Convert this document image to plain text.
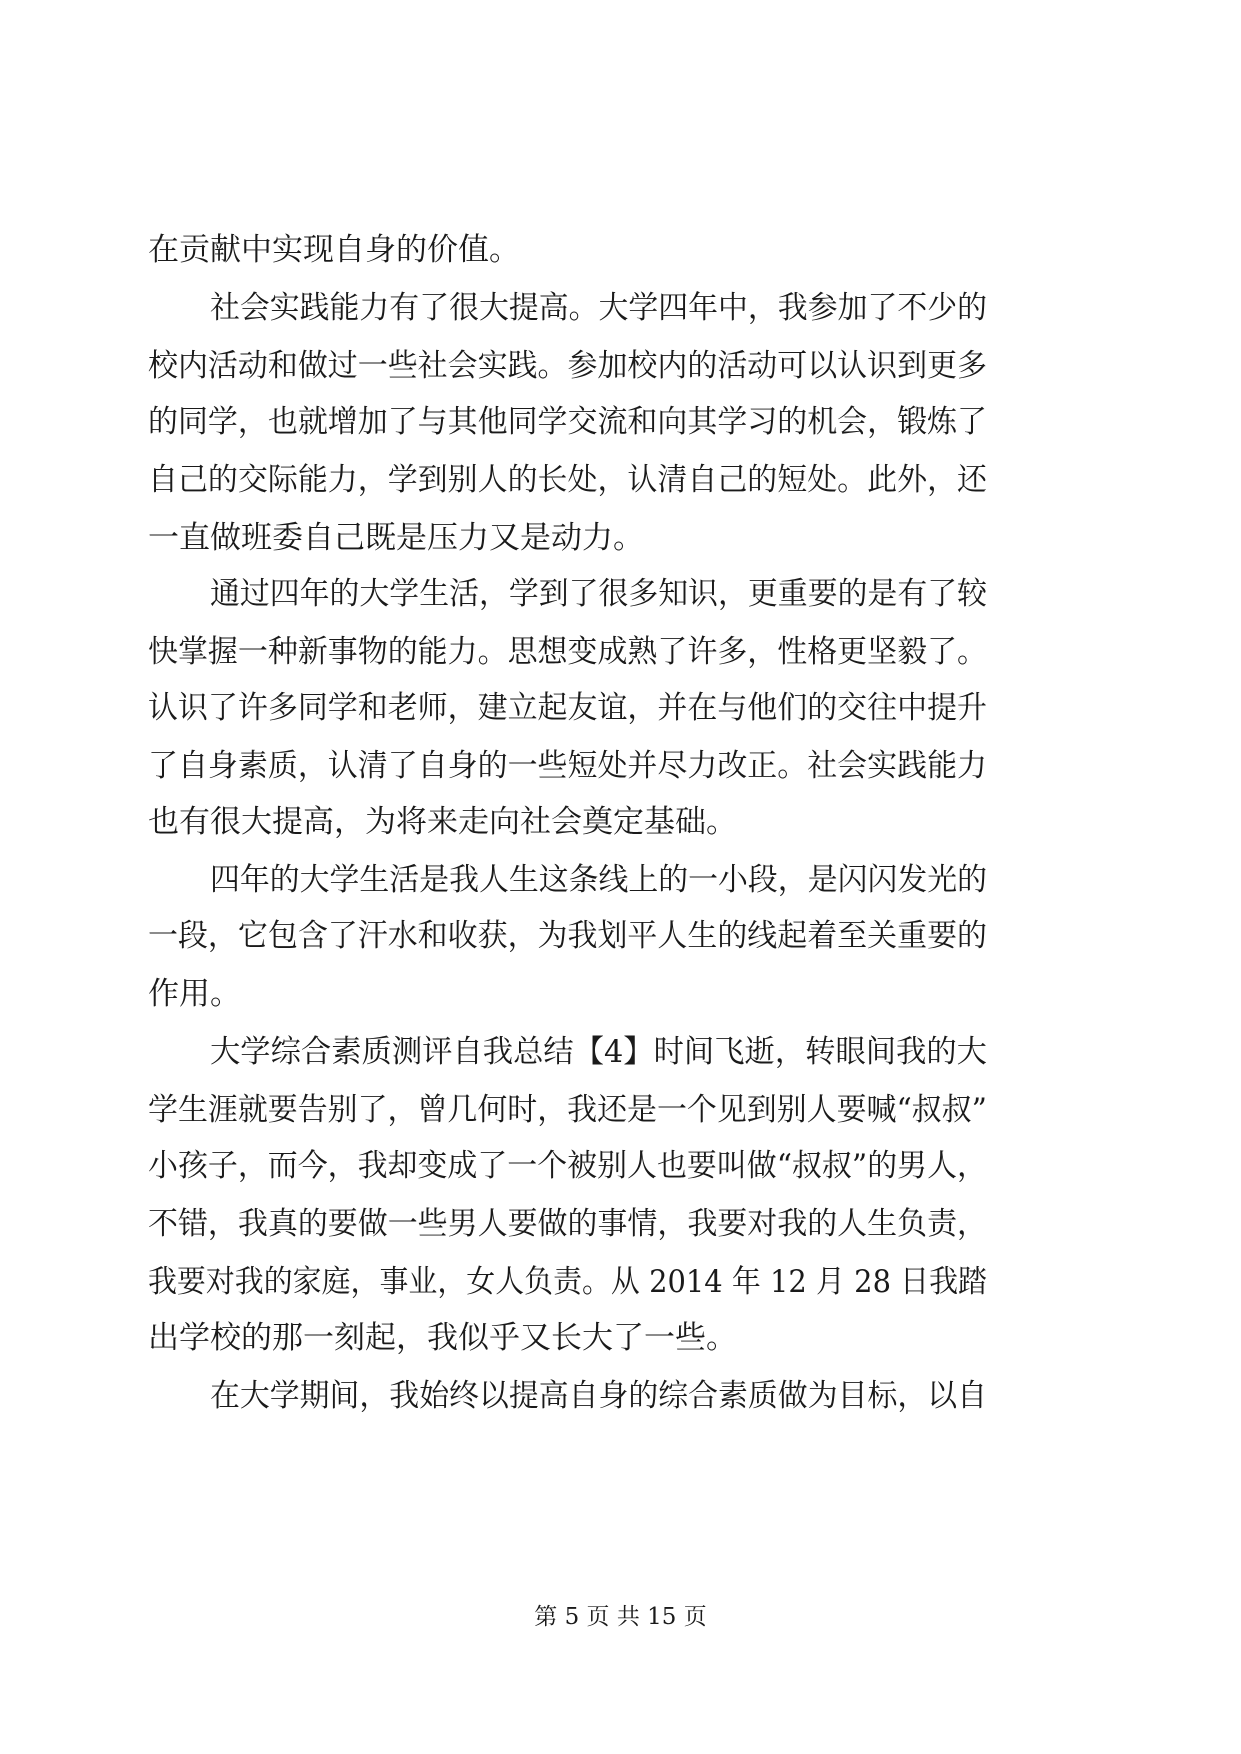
在贡献中实现自身的价值。
社会实践能力有了很大提高。大学四年中，我参加了不少的
校内活动和做过一些社会实践。参加校内的活动可以认识到更多
的同学，也就增加了与其他同学交流和向其学习的机会，锻炼了
自己的交际能力，学到别人的长处，认清自己的短处。此外，还
一直做班委自己既是压力又是动力。
通过四年的大学生活，学到了很多知识，更重要的是有了较
快掌握一种新事物的能力。思想变成熟了许多，性格更坚毅了。
认识了许多同学和老师，建立起友谊，并在与他们的交往中提升
了自身素质，认清了自身的一些短处并尽力改正。社会实践能力
也有很大提高，为将来走向社会奠定基础。
四年的大学生活是我人生这条线上的一小段，是闪闪发光的
一段，它包含了汗水和收获，为我划平人生的线起着至关重要的
作用。
大学综合素质测评自我总结【4】时间飞逝，转眼间我的大
学生涯就要告别了，曾几何时，我还是一个见到别人要喊“叔叔”
小孩子，而今，我却变成了一个被别人也要叫做“叔叔”的男人，
不错，我真的要做一些男人要做的事情，我要对我的人生负责，
我要对我的家庭，事业，女人负责。从 2014 年 12 月 28 日我踏
出学校的那一刻起，我似乎又长大了一些。
在大学期间，我始终以提高自身的综合素质做为目标，以自
第 5 页 共 15 页
